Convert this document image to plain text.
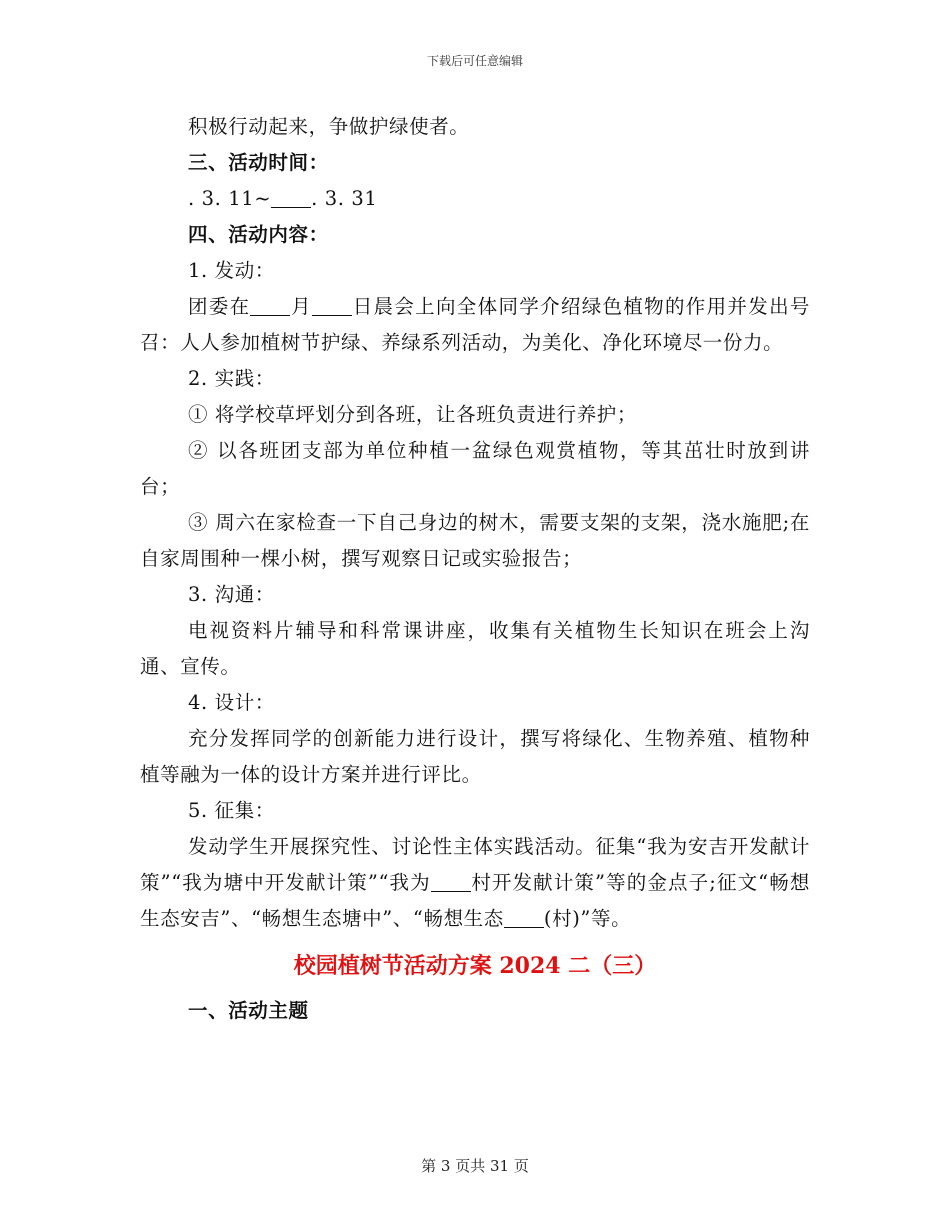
下载后可任意编辑

积极行动起来，争做护绿使者。

三、活动时间：

. 3. 11~ . 3. 31

四、活动内容：

1. 发动：

团委在 月 日晨会上向全体同学介绍绿色植物的作用并发出号召：人人参加植树节护绿、养绿系列活动，为美化、净化环境尽一份力。

2. 实践：

① 将学校草坪划分到各班，让各班负责进行养护；

② 以各班团支部为单位种植一盆绿色观赏植物，等其茁壮时放到讲台；

③ 周六在家检查一下自己身边的树木，需要支架的支架，浇水施肥;在自家周围种一棵小树，撰写观察日记或实验报告；

3. 沟通：

电视资料片辅导和科常课讲座，收集有关植物生长知识在班会上沟通、宣传。

4. 设计：

充分发挥同学的创新能力进行设计，撰写将绿化、生物养殖、植物种植等融为一体的设计方案并进行评比。

5. 征集：

发动学生开展探究性、讨论性主体实践活动。征集“我为安吉开发献计策”“我为塘中开发献计策”“我为 村开发献计策”等的金点子;征文“畅想生态安吉”、“畅想生态塘中”、“畅想生态 (村)”等。

校园植树节活动方案 2024 二（三）

一、活动主题

第 3 页共 31 页
